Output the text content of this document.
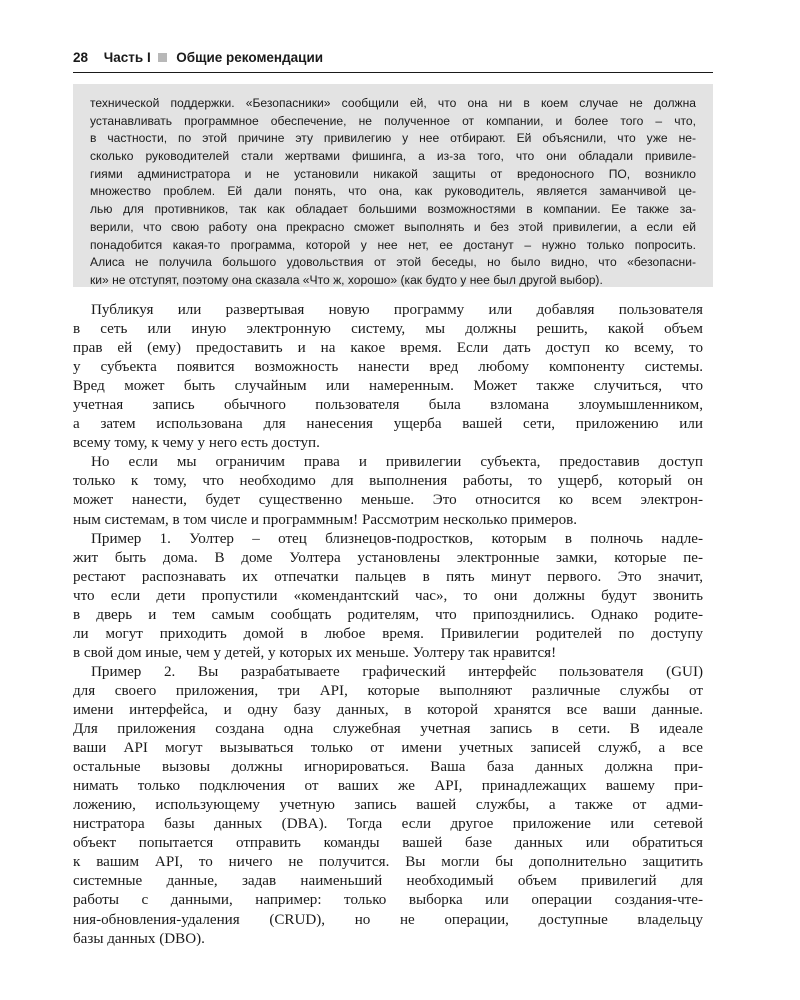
28 Часть I Общие рекомендации
технической поддержки. «Безопасники» сообщили ей, что она ни в коем случае не должна
устанавливать программное обеспечение, не полученное от компании, и более того – что,
в частности, по этой причине эту привилегию у нее отбирают. Ей объяснили, что уже не-
сколько руководителей стали жертвами фишинга, а из-за того, что они обладали привиле-
гиями администратора и не установили никакой защиты от вредоносного ПО, возникло
множество проблем. Ей дали понять, что она, как руководитель, является заманчивой це-
лью для противников, так как обладает большими возможностями в компании. Ее также за-
верили, что свою работу она прекрасно сможет выполнять и без этой привилегии, а если ей
понадобится какая-то программа, которой у нее нет, ее достанут – нужно только попросить.
Алиса не получила большого удовольствия от этой беседы, но было видно, что «безопасни-
ки» не отступят, поэтому она сказала «Что ж, хорошо» (как будто у нее был другой выбор).
Публикуя или развертывая новую программу или добавляя пользователя
в сеть или иную электронную систему, мы должны решить, какой объем
прав ей (ему) предоставить и на какое время. Если дать доступ ко всему, то
у субъекта появится возможность нанести вред любому компоненту системы.
Вред может быть случайным или намеренным. Может также случиться, что
учетная запись обычного пользователя была взломана злоумышленником,
а затем использована для нанесения ущерба вашей сети, приложению или
всему тому, к чему у него есть доступ.
Но если мы ограничим права и привилегии субъекта, предоставив доступ
только к тому, что необходимо для выполнения работы, то ущерб, который он
может нанести, будет существенно меньше. Это относится ко всем электрон-
ным системам, в том числе и программным! Рассмотрим несколько примеров.
Пример 1. Уолтер – отец близнецов-подростков, которым в полночь надле-
жит быть дома. В доме Уолтера установлены электронные замки, которые пе-
рестают распознавать их отпечатки пальцев в пять минут первого. Это значит,
что если дети пропустили «комендантский час», то они должны будут звонить
в дверь и тем самым сообщать родителям, что припозднились. Однако родите-
ли могут приходить домой в любое время. Привилегии родителей по доступу
в свой дом иные, чем у детей, у которых их меньше. Уолтеру так нравится!
Пример 2. Вы разрабатываете графический интерфейс пользователя (GUI)
для своего приложения, три API, которые выполняют различные службы от
имени интерфейса, и одну базу данных, в которой хранятся все ваши данные.
Для приложения создана одна служебная учетная запись в сети. В идеале
ваши API могут вызываться только от имени учетных записей служб, а все
остальные вызовы должны игнорироваться. Ваша база данных должна при-
нимать только подключения от ваших же API, принадлежащих вашему при-
ложению, использующему учетную запись вашей службы, а также от адми-
нистратора базы данных (DBA). Тогда если другое приложение или сетевой
объект попытается отправить команды вашей базе данных или обратиться
к вашим API, то ничего не получится. Вы могли бы дополнительно защитить
системные данные, задав наименьший необходимый объем привилегий для
работы с данными, например: только выборка или операции создания-чте-
ния-обновления-удаления (CRUD), но не операции, доступные владельцу
базы данных (DBO).
